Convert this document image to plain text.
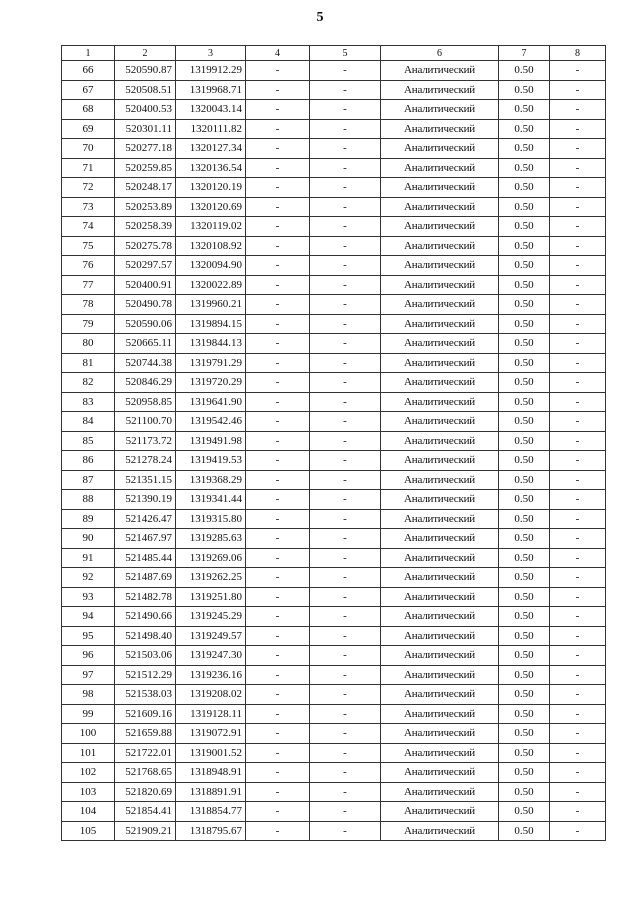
5
1	2	3	4	5	6	7	8
66	520590.87	1319912.29	-	-	Аналитический	0.50	-
67	520508.51	1319968.71	-	-	Аналитический	0.50	-
68	520400.53	1320043.14	-	-	Аналитический	0.50	-
69	520301.11	1320111.82	-	-	Аналитический	0.50	-
70	520277.18	1320127.34	-	-	Аналитический	0.50	-
71	520259.85	1320136.54	-	-	Аналитический	0.50	-
72	520248.17	1320120.19	-	-	Аналитический	0.50	-
73	520253.89	1320120.69	-	-	Аналитический	0.50	-
74	520258.39	1320119.02	-	-	Аналитический	0.50	-
75	520275.78	1320108.92	-	-	Аналитический	0.50	-
76	520297.57	1320094.90	-	-	Аналитический	0.50	-
77	520400.91	1320022.89	-	-	Аналитический	0.50	-
78	520490.78	1319960.21	-	-	Аналитический	0.50	-
79	520590.06	1319894.15	-	-	Аналитический	0.50	-
80	520665.11	1319844.13	-	-	Аналитический	0.50	-
81	520744.38	1319791.29	-	-	Аналитический	0.50	-
82	520846.29	1319720.29	-	-	Аналитический	0.50	-
83	520958.85	1319641.90	-	-	Аналитический	0.50	-
84	521100.70	1319542.46	-	-	Аналитический	0.50	-
85	521173.72	1319491.98	-	-	Аналитический	0.50	-
86	521278.24	1319419.53	-	-	Аналитический	0.50	-
87	521351.15	1319368.29	-	-	Аналитический	0.50	-
88	521390.19	1319341.44	-	-	Аналитический	0.50	-
89	521426.47	1319315.80	-	-	Аналитический	0.50	-
90	521467.97	1319285.63	-	-	Аналитический	0.50	-
91	521485.44	1319269.06	-	-	Аналитический	0.50	-
92	521487.69	1319262.25	-	-	Аналитический	0.50	-
93	521482.78	1319251.80	-	-	Аналитический	0.50	-
94	521490.66	1319245.29	-	-	Аналитический	0.50	-
95	521498.40	1319249.57	-	-	Аналитический	0.50	-
96	521503.06	1319247.30	-	-	Аналитический	0.50	-
97	521512.29	1319236.16	-	-	Аналитический	0.50	-
98	521538.03	1319208.02	-	-	Аналитический	0.50	-
99	521609.16	1319128.11	-	-	Аналитический	0.50	-
100	521659.88	1319072.91	-	-	Аналитический	0.50	-
101	521722.01	1319001.52	-	-	Аналитический	0.50	-
102	521768.65	1318948.91	-	-	Аналитический	0.50	-
103	521820.69	1318891.91	-	-	Аналитический	0.50	-
104	521854.41	1318854.77	-	-	Аналитический	0.50	-
105	521909.21	1318795.67	-	-	Аналитический	0.50	-
